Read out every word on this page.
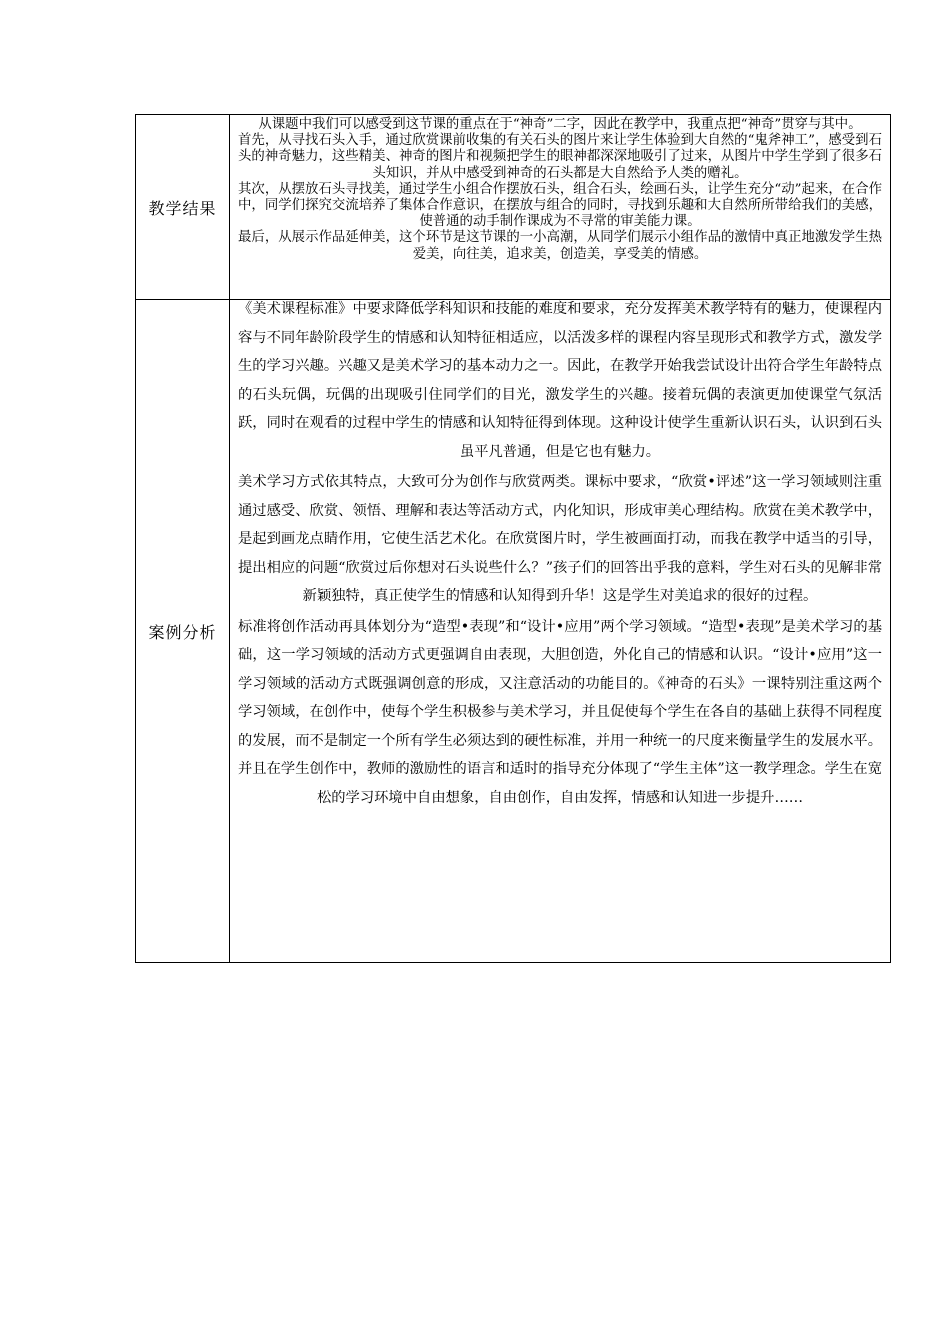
教学结果	从课题中我们可以感受到这节课的重点在于“神奇”二字，因此在教学中，我重点把“神奇”贯穿与其中。

首先，从寻找石头入手，通过欣赏课前收集的有关石头的图片来让学生体验到大自然的“鬼斧神工”，感受到石头的神奇魅力，这些精美、神奇的图片和视频把学生的眼神都深深地吸引了过来，从图片中学生学到了很多石头知识，并从中感受到神奇的石头都是大自然给予人类的赠礼。

其次，从摆放石头寻找美，通过学生小组合作摆放石头，组合石头，绘画石头，让学生充分“动”起来，在合作中，同学们探究交流培养了集体合作意识，在摆放与组合的同时，寻找到乐趣和大自然所所带给我们的美感，使普通的动手制作课成为不寻常的审美能力课。

最后，从展示作品延伸美，这个环节是这节课的一小高潮，从同学们展示小组作品的激情中真正地激发学生热爱美，向往美，追求美，创造美，享受美的情感。

案例分析	《美术课程标准》中要求降低学科知识和技能的难度和要求，充分发挥美术教学特有的魅力，使课程内容与不同年龄阶段学生的情感和认知特征相适应，以活泼多样的课程内容呈现形式和教学方式，激发学生的学习兴趣。兴趣又是美术学习的基本动力之一。因此，在教学开始我尝试设计出符合学生年龄特点的石头玩偶，玩偶的出现吸引住同学们的目光，激发学生的兴趣。接着玩偶的表演更加使课堂气氛活跃，同时在观看的过程中学生的情感和认知特征得到体现。这种设计使学生重新认识石头，认识到石头虽平凡普通，但是它也有魅力。

美术学习方式依其特点，大致可分为创作与欣赏两类。课标中要求，“欣赏•评述”这一学习领域则注重通过感受、欣赏、领悟、理解和表达等活动方式，内化知识，形成审美心理结构。欣赏在美术教学中，是起到画龙点睛作用，它使生活艺术化。在欣赏图片时，学生被画面打动，而我在教学中适当的引导，提出相应的问题“欣赏过后你想对石头说些什么？”孩子们的回答出乎我的意料，学生对石头的见解非常新颖独特，真正使学生的情感和认知得到升华！这是学生对美追求的很好的过程。

标准将创作活动再具体划分为“造型•表现”和“设计•应用”两个学习领域。“造型•表现”是美术学习的基础，这一学习领域的活动方式更强调自由表现，大胆创造，外化自己的情感和认识。“设计•应用”这一学习领域的活动方式既强调创意的形成，又注意活动的功能目的。《神奇的石头》一课特别注重这两个学习领域，在创作中，使每个学生积极参与美术学习，并且促使每个学生在各自的基础上获得不同程度的发展，而不是制定一个所有学生必须达到的硬性标准，并用一种统一的尺度来衡量学生的发展水平。并且在学生创作中，教师的激励性的语言和适时的指导充分体现了“学生主体”这一教学理念。学生在宽松的学习环境中自由想象，自由创作，自由发挥，情感和认知进一步提升……
